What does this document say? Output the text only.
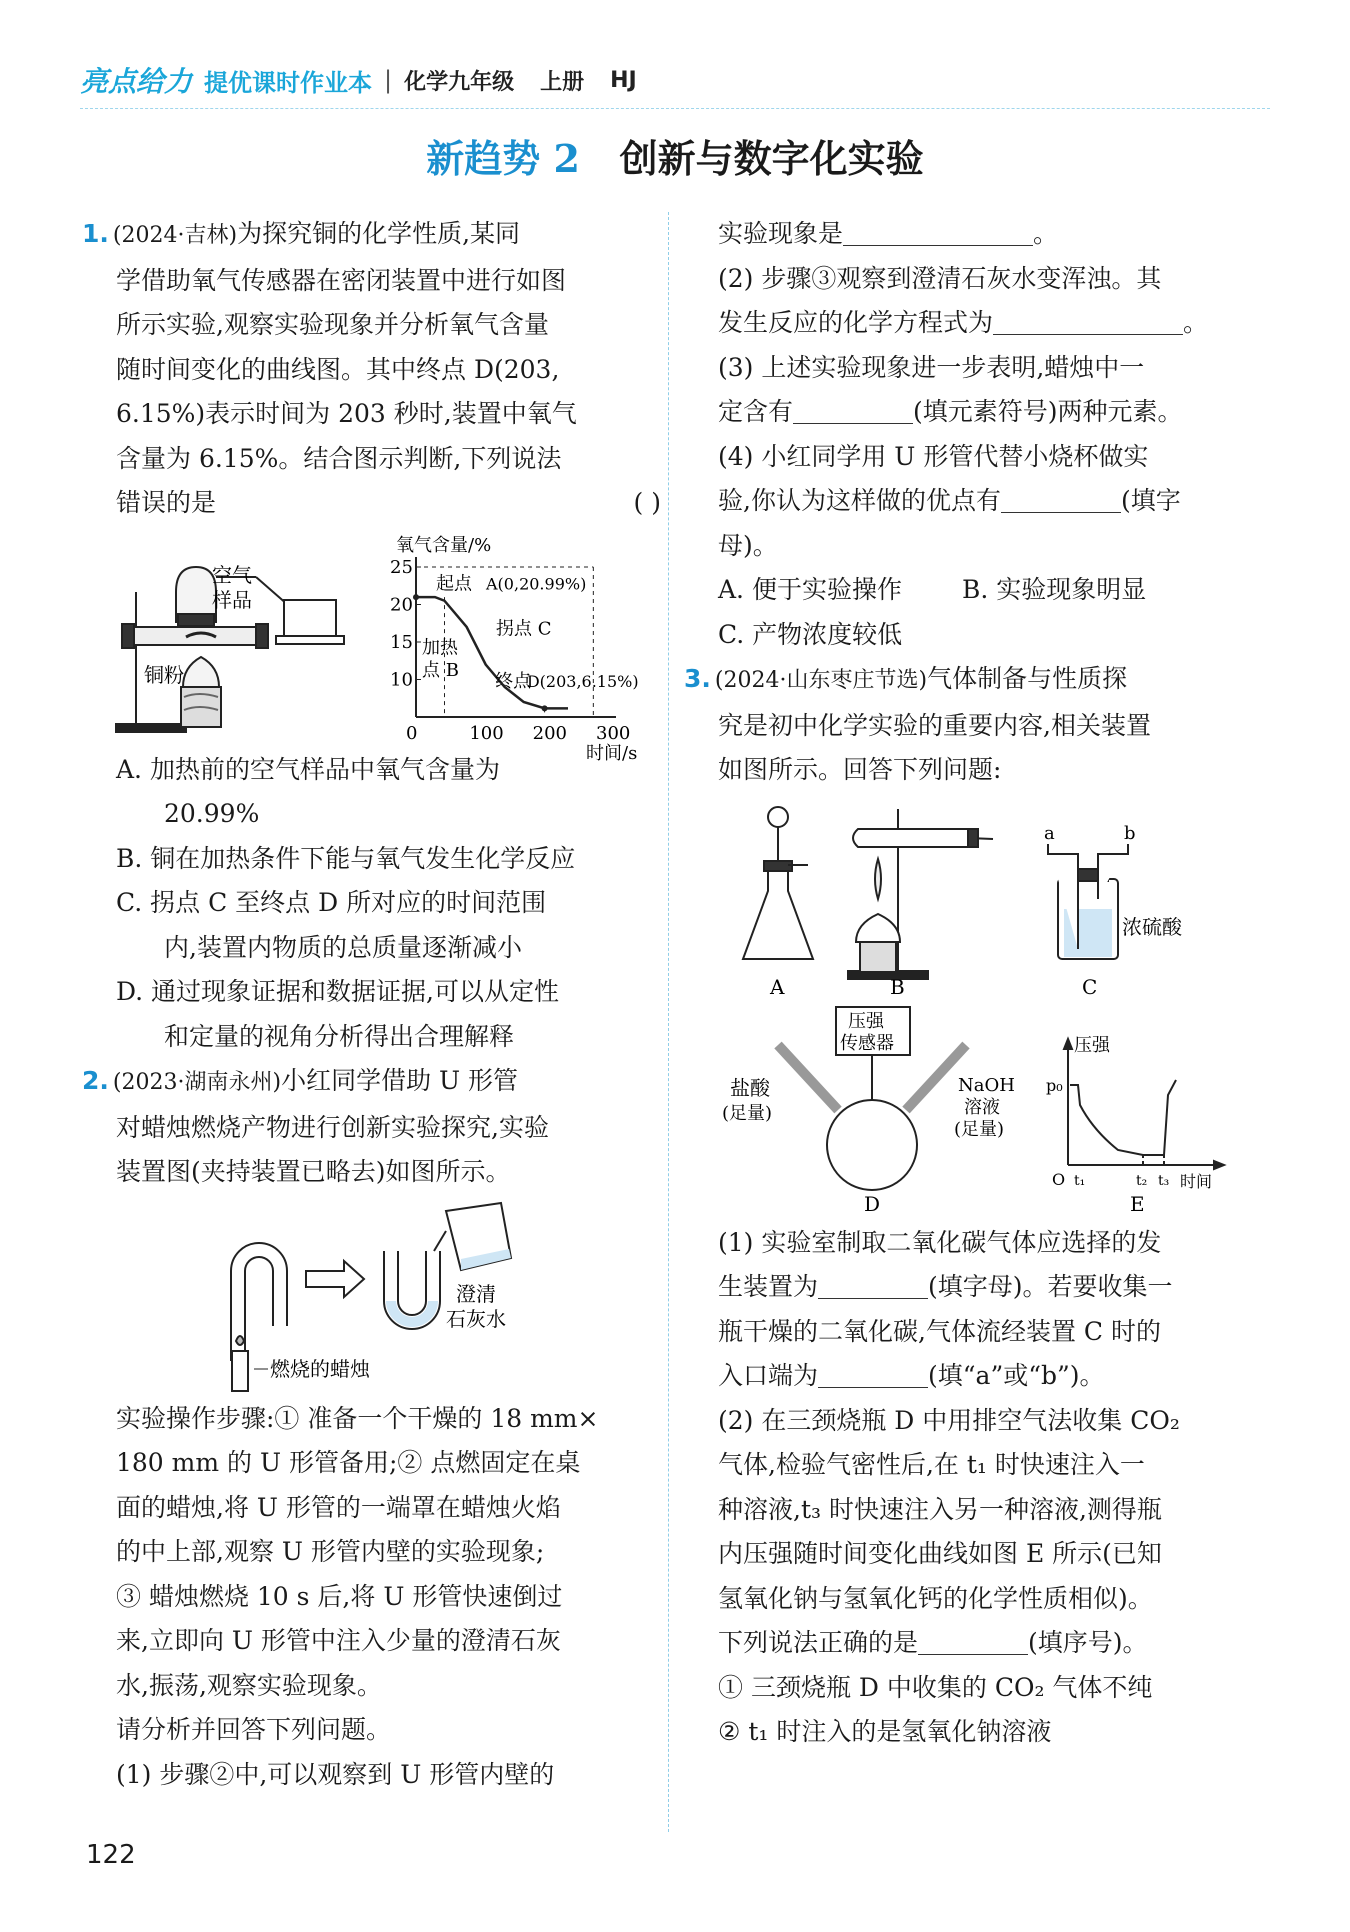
亮点给力 提优课时作业本 | 化学九年级 上册 HJ
新趋势 2 创新与数字化实验

1. (2024·吉林)为探究铜的化学性质,某同

学借助氧气传感器在密闭装置中进行如图

所示实验,观察实验现象并分析氧气含量

随时间变化的曲线图。其中终点 D(203,

6.15%)表示时间为 203 秒时,装置中氧气

含量为 6.15%。结合图示判断,下列说法

错误的是	( )

空气
样品
铜粉
氧气含量/%
时间/s
0	100 200 300
10
15
20
25
起点 A(0,20.99%)
拐点 C
加热
点 B
终点
D(203,6.15%)

A. 加热前的空气样品中氧气含量为

20.99%

B. 铜在加热条件下能与氧气发生化学反应

C. 拐点 C 至终点 D 所对应的时间范围

内,装置内物质的总质量逐渐减小

D. 通过现象证据和数据证据,可以从定性

和定量的视角分析得出合理解释

2. (2023·湖南永州)小红同学借助 U 形管

对蜡烛燃烧产物进行创新实验探究,实验

装置图(夹持装置已略去)如图所示。

燃烧的蜡烛
澄清
石灰水

实验操作步骤:① 准备一个干燥的 18 mm×

180 mm 的 U 形管备用;② 点燃固定在桌

面的蜡烛,将 U 形管的一端罩在蜡烛火焰

的中上部,观察 U 形管内壁的实验现象;

③ 蜡烛燃烧 10 s 后,将 U 形管快速倒过

来,立即向 U 形管中注入少量的澄清石灰

水,振荡,观察实验现象。

请分析并回答下列问题。

(1) 步骤②中,可以观察到 U 形管内壁的

实验现象是	。

(2) 步骤③观察到澄清石灰水变浑浊。其

发生反应的化学方程式为	。

(3) 上述实验现象进一步表明,蜡烛中一

定含有	(填元素符号)两种元素。

(4) 小红同学用 U 形管代替小烧杯做实

验,你认为这样做的优点有	(填字

母)。

A. 便于实验操作 B. 实验现象明显

C. 产物浓度较低

3. (2024·山东枣庄节选)气体制备与性质探

究是初中化学实验的重要内容,相关装置

如图所示。回答下列问题:

A	B
a	b
浓硫酸
C
压强
传感器
盐酸
(足量)
NaOH
溶液
(足量)
D
压强
p₀
O t₁	t₂ t₃ 时间
E

(1) 实验室制取二氧化碳气体应选择的发

生装置为	(填字母)。若要收集一

瓶干燥的二氧化碳,气体流经装置 C 时的

入口端为	(填“a”或“b”)。

(2) 在三颈烧瓶 D 中用排空气法收集 CO₂

气体,检验气密性后,在 t₁ 时快速注入一

种溶液,t₃ 时快速注入另一种溶液,测得瓶

内压强随时间变化曲线如图 E 所示(已知

氢氧化钠与氢氧化钙的化学性质相似)。

下列说法正确的是	(填序号)。

① 三颈烧瓶 D 中收集的 CO₂ 气体不纯

② t₁ 时注入的是氢氧化钠溶液

122
